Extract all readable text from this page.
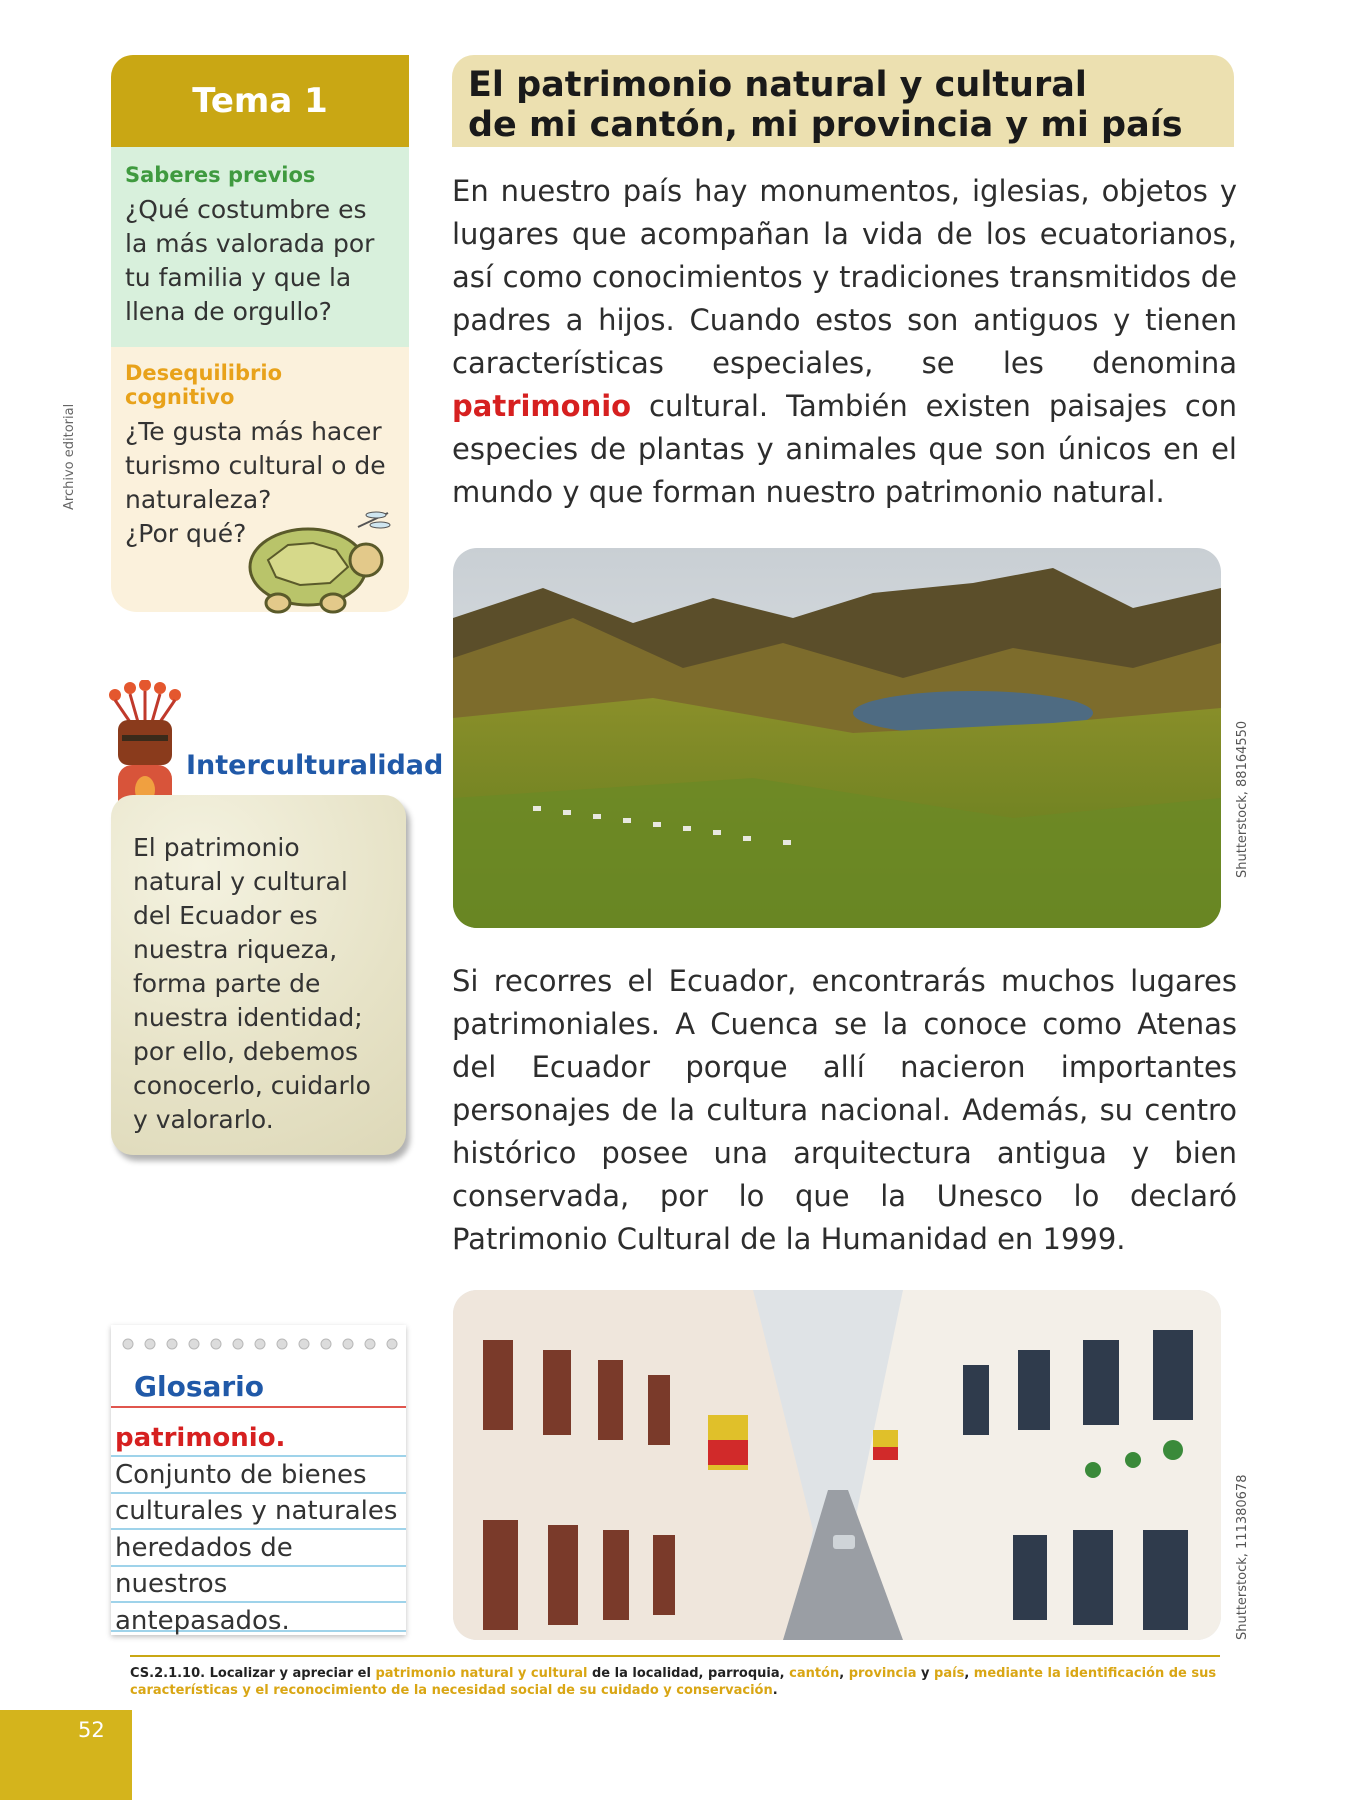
Tema 1
Saberes previos
¿Qué costumbre es la más valorada por tu familia y que la llena de orgullo?
Desequilibrio cognitivo
¿Te gusta más hacer turismo cultural o de naturaleza?
¿Por qué?
Archivo editorial
El patrimonio natural y cultural
de mi cantón, mi provincia y mi país
En nuestro país hay monumentos, iglesias, objetos y lugares que acompañan la vida de los ecuatorianos, así como conocimientos y tradiciones transmitidos de padres a hijos. Cuando estos son antiguos y tienen características especiales, se les denomina patrimonio cultural. También existen paisajes con especies de plantas y animales que son únicos en el mundo y que forman nuestro patrimonio natural.
Shutterstock, 88164550
Interculturalidad
El patrimonio natural y cultural del Ecuador es nuestra riqueza, forma parte de nuestra identidad; por ello, debemos conocerlo, cuidarlo y valorarlo.
Si recorres el Ecuador, encontrarás muchos lugares patrimoniales. A Cuenca se la conoce como Atenas del Ecuador porque allí nacieron importantes personajes de la cultura nacional. Además, su centro histórico posee una arquitectura antigua y bien conservada, por lo que la Unesco lo declaró Patrimonio Cultural de la Humanidad en 1999.
Glosario
patrimonio. Conjunto de bienes culturales y naturales heredados de nuestros antepasados.	Shutterstock, 111380678
CS.2.1.10. Localizar y apreciar el patrimonio natural y cultural de la localidad, parroquia, cantón, provincia y país, mediante la identificación de sus características y el reconocimiento de la necesidad social de su cuidado y conservación.
52
